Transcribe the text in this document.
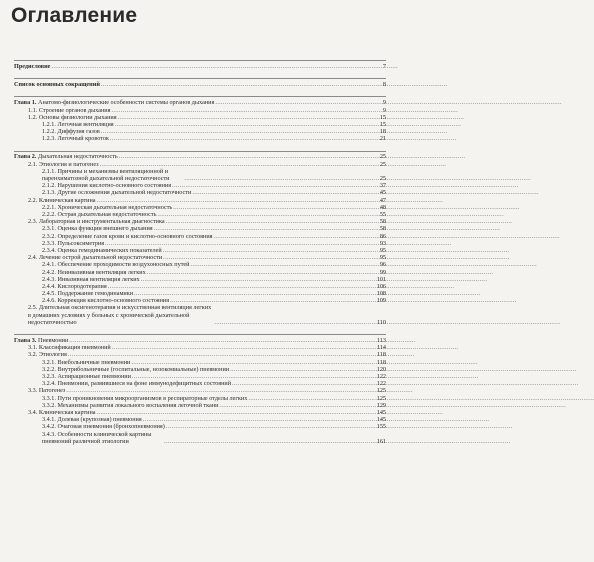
Оглавление
Предисловие . . .	7
Список основных сокращений . . .	8
Глава 1. Анатомо-физиологические особенности системы органов дыхания . . .	9
1.1. Строение органов дыхания . . .	9
1.2. Основы физиологии дыхания . . .	15
1.2.1. Легочная вентиляция . . .	15
1.2.2. Диффузия газов . . .	18
1.2.3. Легочный кровоток . . .	21
Глава 2. Дыхательная недостаточность . . .	25
2.1. Этиология и патогенез . . .	25
2.1.1. Причины и механизмы вентиляционной и паренхиматозной дыхательной недостаточности . . .	25
2.1.2. Нарушения кислотно-основного состояния . . .	37
2.1.3. Другие осложнения дыхательной недостаточности . . .	45
2.2. Клиническая картина . . .	47
2.2.1. Хроническая дыхательная недостаточность . . .	48
2.2.2. Острая дыхательная недостаточность . . .	55
2.3. Лабораторная и инструментальная диагностика . . .	58
2.3.1. Оценка функции внешнего дыхания . . .	58
2.3.2. Определение газов крови и кислотно-основного состояния . . .	86
2.3.3. Пульсоксиметрия . . .	93
2.3.4. Оценка гемодинамических показателей . . .	95
2.4. Лечение острой дыхательной недостаточности . . .	95
2.4.1. Обеспечение проходимости воздухоносных путей . . .	96
2.4.2. Неинвазивная вентиляция легких . . .	99
2.4.3. Инвазивная вентиляция легких . . .	101
2.4.4. Кислородотерапия . . .	106
2.4.5. Поддержание гемодинамики . . .	108
2.4.6. Коррекция кислотно-основного состояния . . .	109
2.5. Длительная оксигенотерапия и искусственная вентиляция легких в домашних условиях у больных с хронической дыхательной недостаточностью . . .	110
Глава 3. Пневмонии . . .	113
3.1. Классификация пневмоний . . .	114
3.2. Этиология . . .	118
3.2.1. Внебольничные пневмонии . . .	118
3.2.2. Внутрибольничные (госпитальные, нозокомиальные) пневмонии . . .	120
3.2.3. Аспирационные пневмонии . . .	122
3.2.4. Пневмонии, развившиеся на фоне иммунодефицитных состояний . . .	122
3.3. Патогенез . . .	125
3.3.1. Пути проникновения микроорганизмов в респираторные отделы легких . . .	125
3.3.2. Механизмы развития локального воспаления легочной ткани . . .	129
3.4. Клиническая картина . . .	145
3.4.1. Долевая (крупозная) пневмония . . .	145
3.4.2. Очаговая пневмония (бронхопневмония) . . .	155
3.4.3. Особенности клинической картины пневмоний различной этиологии . . .	161
